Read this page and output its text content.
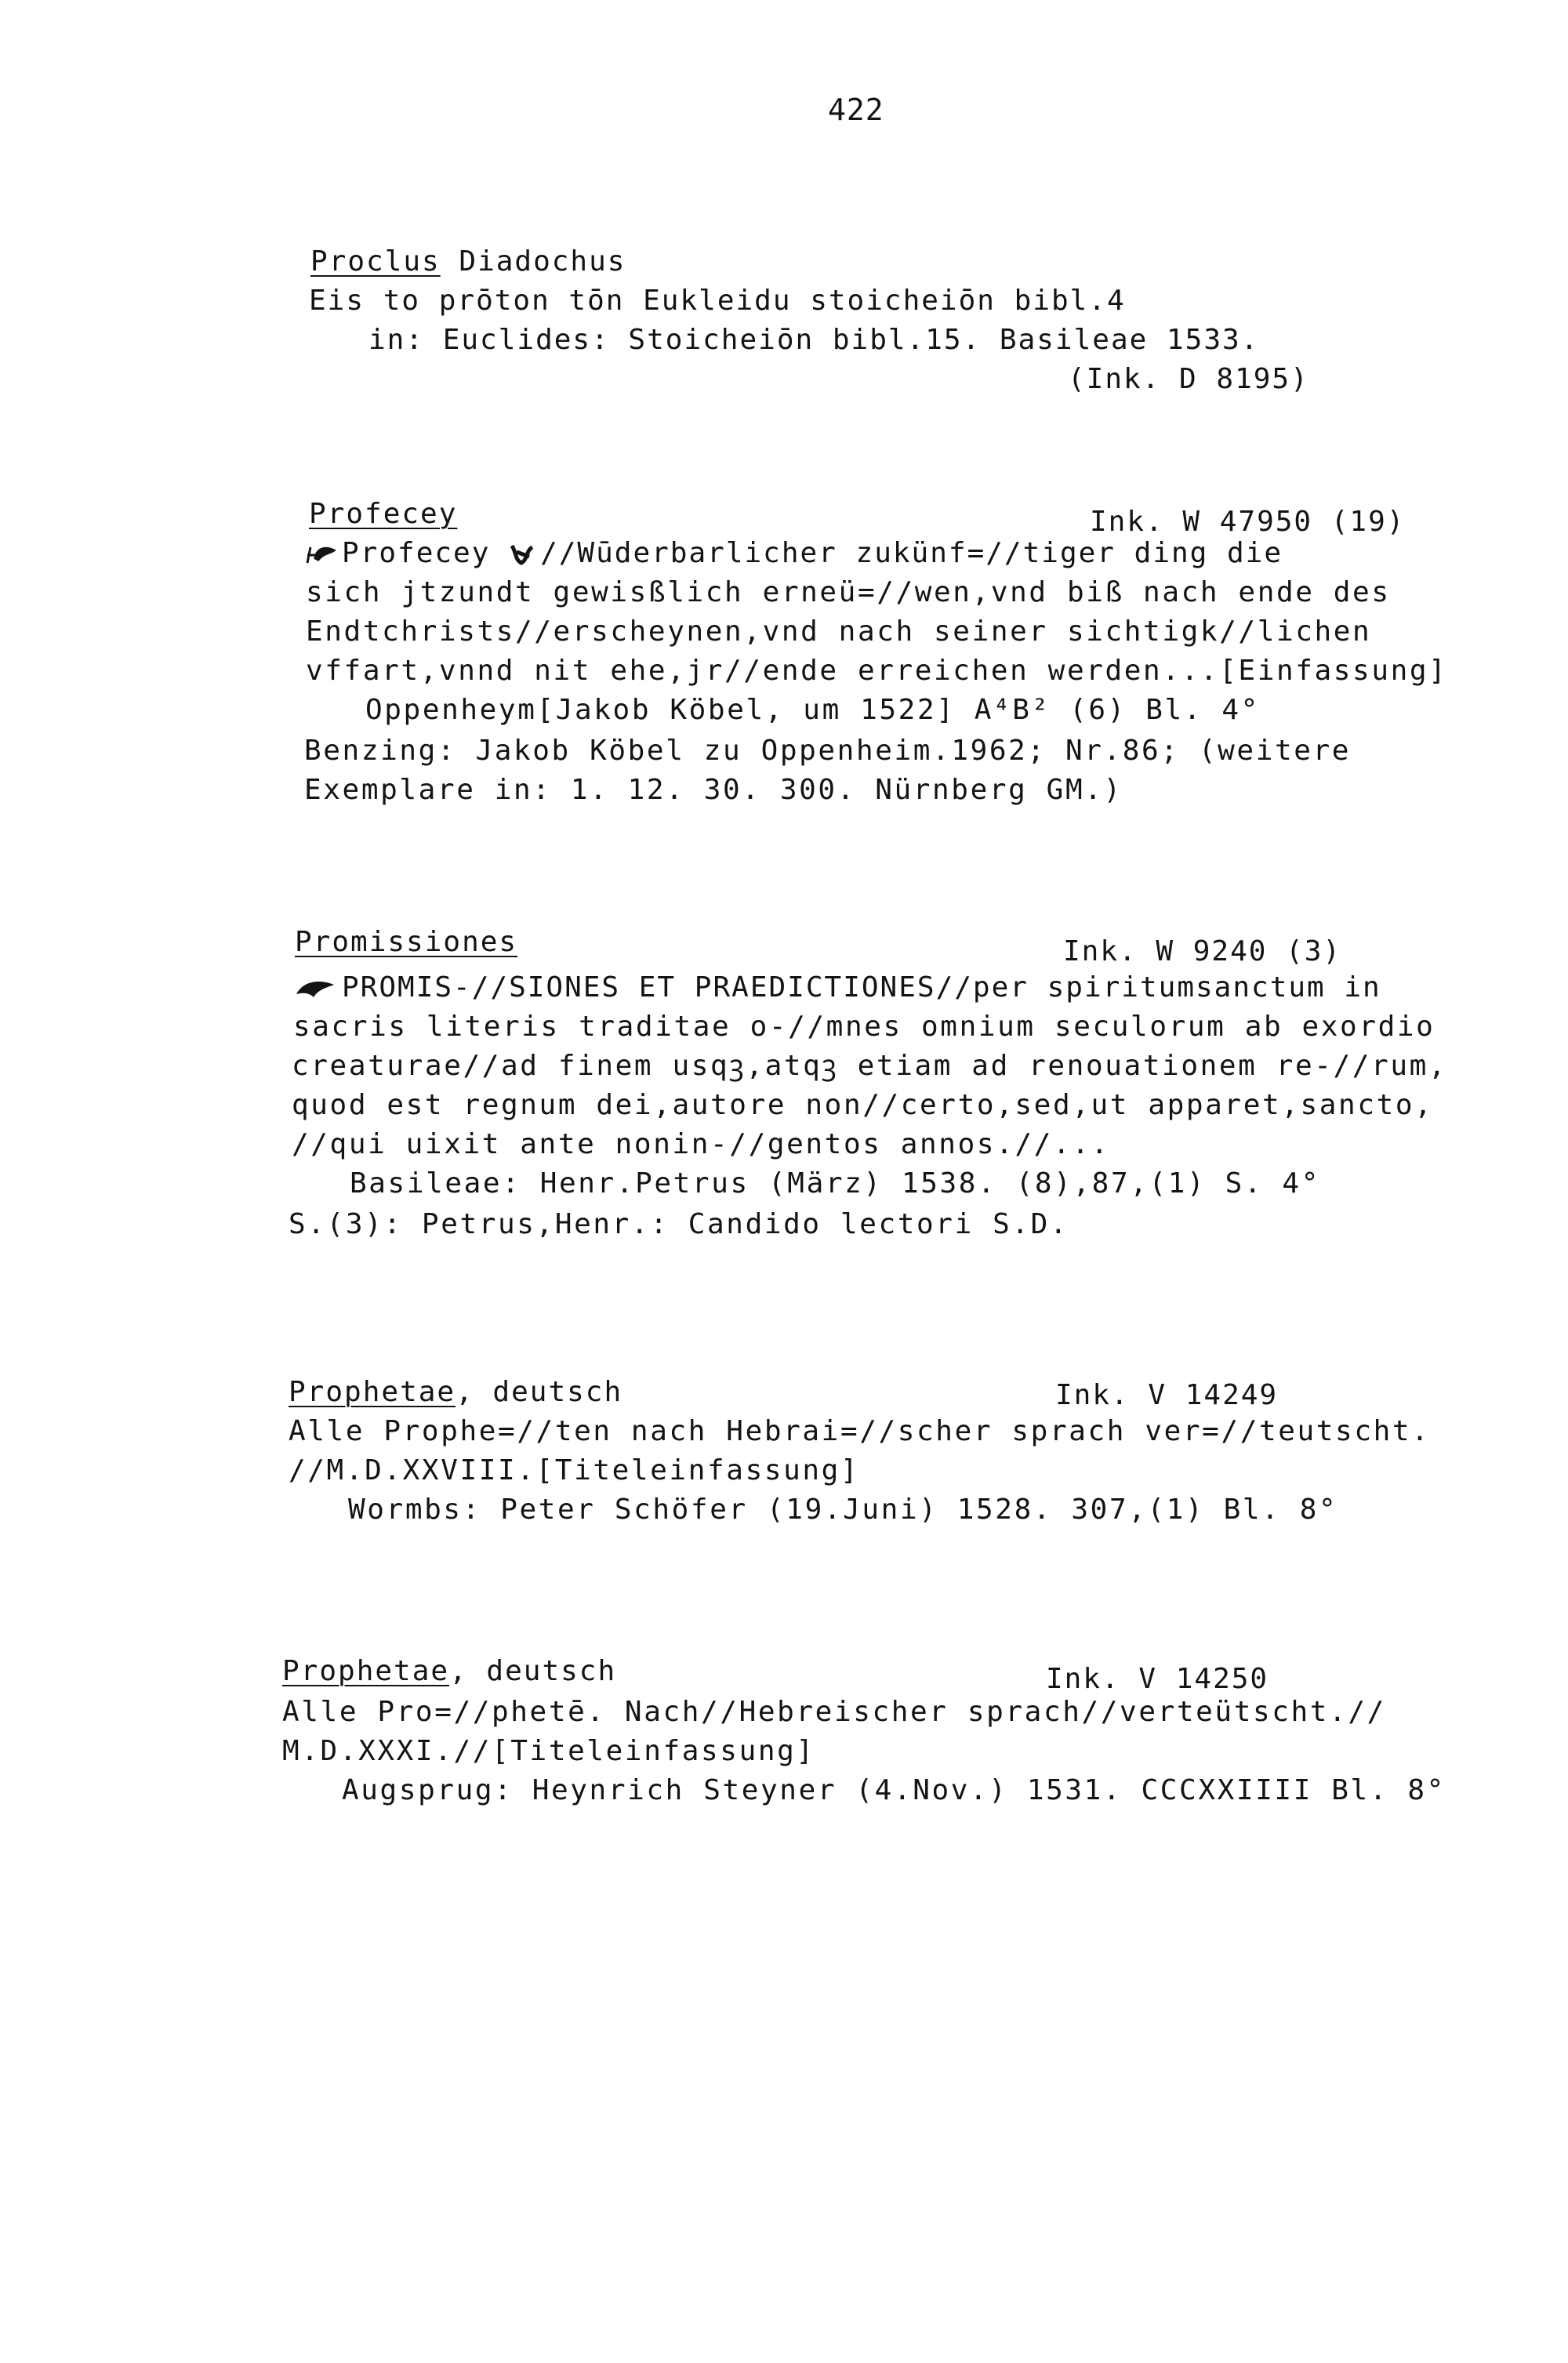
422
Proclus Diadochus
Eis to prōton tōn Eukleidu stoicheiōn bibl.4
in: Euclides: Stoicheiōn bibl.15. Basileae 1533.
(Ink. D 8195)
Profecey	Ink. W 47950 (19)
Profecey //Wūderbarlicher zukünf=//tiger ding die
sich jtzundt gewisßlich erneü=//wen,vnd biß nach ende des
Endtchrists//erscheynen,vnd nach seiner sichtigk//lichen
vffart,vnnd nit ehe,jr//ende erreichen werden...[Einfassung]
Oppenheym[Jakob Köbel, um 1522] A⁴B² (6) Bl. 4°
Benzing: Jakob Köbel zu Oppenheim.1962; Nr.86; (weitere
Exemplare in: 1. 12. 30. 300. Nürnberg GM.)
Promissiones	Ink. W 9240 (3)
PROMIS-//SIONES ET PRAEDICTIONES//per spiritumsanctum in
sacris literis traditae o-//mnes omnium seculorum ab exordio
creaturae//ad finem usqꝫ,atqꝫ etiam ad renouationem re-//rum,
quod est regnum dei,autore non//certo,sed,ut apparet,sancto,
//qui uixit ante nonin-//gentos annos.//...
Basileae: Henr.Petrus (März) 1538. (8),87,(1) S. 4°
S.(3): Petrus,Henr.: Candido lectori S.D.
Prophetae, deutsch	Ink. V 14249
Alle Prophe=//ten nach Hebrai=//scher sprach ver=//teutscht.
//M.D.XXVIII.[Titeleinfassung]
Wormbs: Peter Schöfer (19.Juni) 1528. 307,(1) Bl. 8°
Prophetae, deutsch	Ink. V 14250
Alle Pro=//phetē. Nach//Hebreischer sprach//verteütscht.//
M.D.XXXI.//[Titeleinfassung]
Augsprug: Heynrich Steyner (4.Nov.) 1531. CCCXXIIII Bl. 8°
